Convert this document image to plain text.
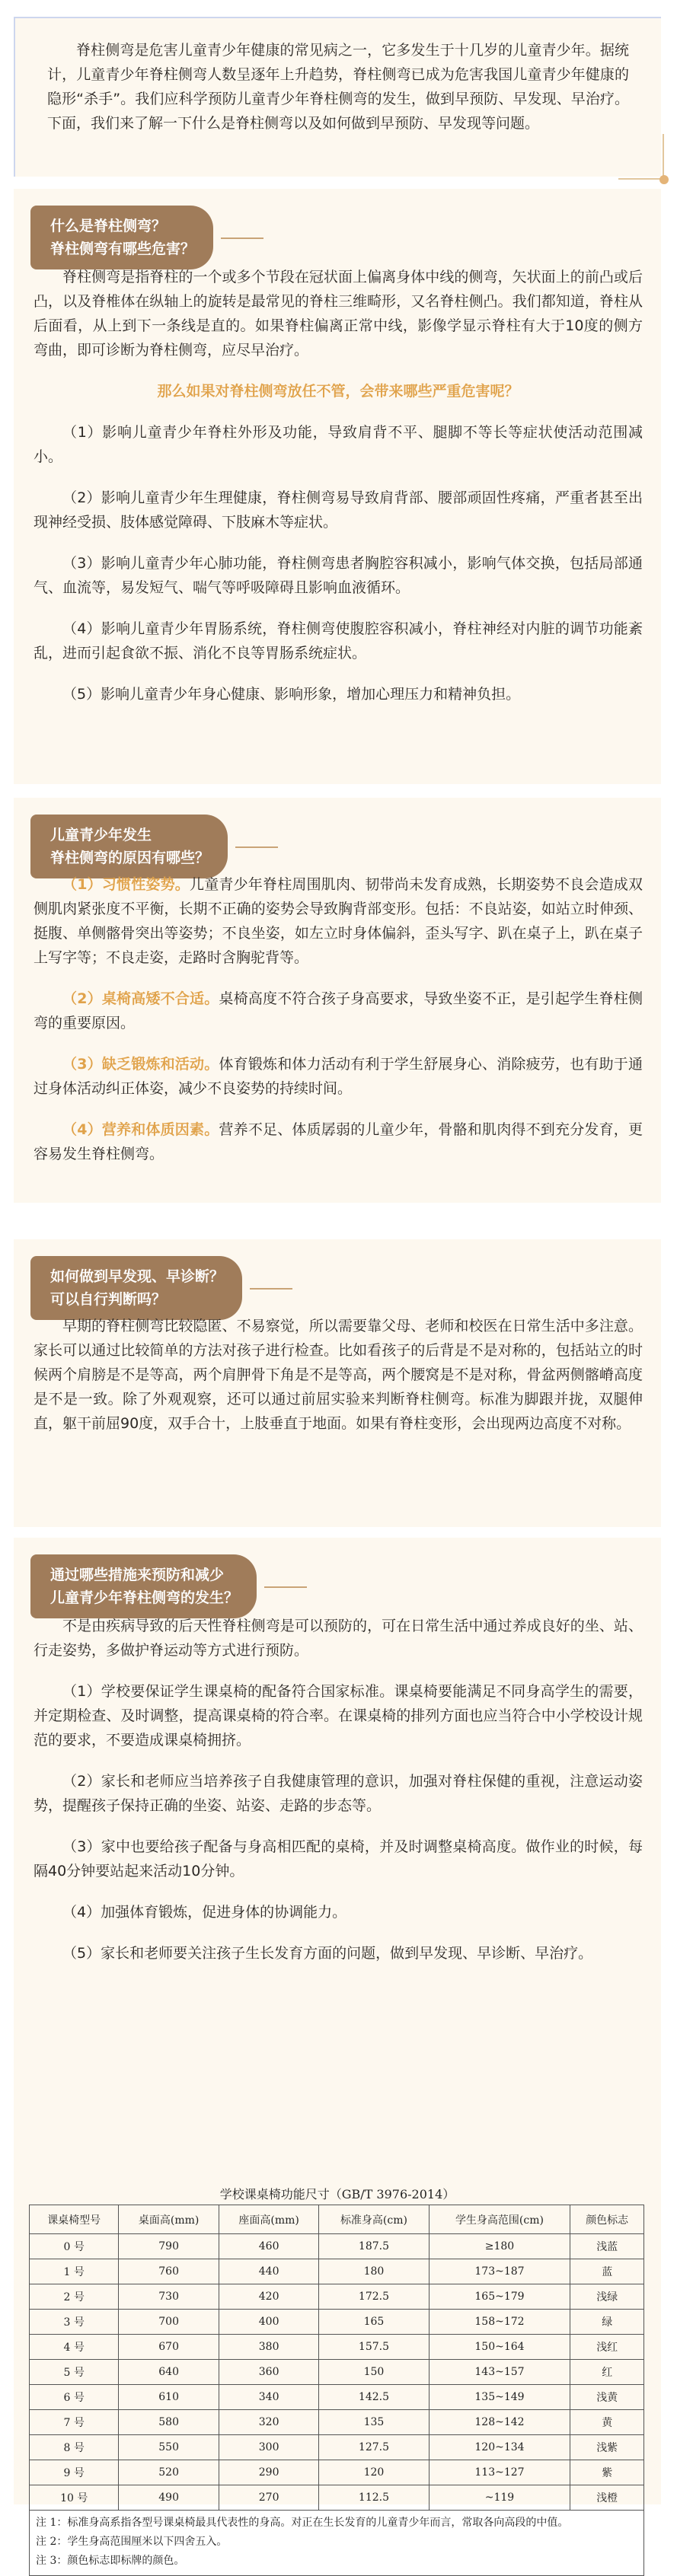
脊柱侧弯是危害儿童青少年健康的常见病之一，它多发生于十几岁的儿童青少年。据统计，儿童青少年脊柱侧弯人数呈逐年上升趋势，脊柱侧弯已成为危害我国儿童青少年健康的隐形“杀手”。我们应科学预防儿童青少年脊柱侧弯的发生，做到早预防、早发现、早治疗。下面，我们来了解一下什么是脊柱侧弯以及如何做到早预防、早发现等问题。

什么是脊柱侧弯？
脊柱侧弯有哪些危害？

脊柱侧弯是指脊柱的一个或多个节段在冠状面上偏离身体中线的侧弯，矢状面上的前凸或后凸，以及脊椎体在纵轴上的旋转是最常见的脊柱三维畸形，又名脊柱侧凸。我们都知道，脊柱从后面看，从上到下一条线是直的。如果脊柱偏离正常中线，影像学显示脊柱有大于10度的侧方弯曲，即可诊断为脊柱侧弯，应尽早治疗。

那么如果对脊柱侧弯放任不管，会带来哪些严重危害呢？

（1）影响儿童青少年脊柱外形及功能，导致肩背不平、腿脚不等长等症状使活动范围减小。

（2）影响儿童青少年生理健康，脊柱侧弯易导致肩背部、腰部顽固性疼痛，严重者甚至出现神经受损、肢体感觉障碍、下肢麻木等症状。

（3）影响儿童青少年心肺功能，脊柱侧弯患者胸腔容积减小，影响气体交换，包括局部通气、血流等，易发短气、喘气等呼吸障碍且影响血液循环。

（4）影响儿童青少年胃肠系统，脊柱侧弯使腹腔容积减小，脊柱神经对内脏的调节功能紊乱，进而引起食欲不振、消化不良等胃肠系统症状。

（5）影响儿童青少年身心健康、影响形象，增加心理压力和精神负担。

儿童青少年发生
脊柱侧弯的原因有哪些？

（1）习惯性姿势。儿童青少年脊柱周围肌肉、韧带尚未发育成熟，长期姿势不良会造成双侧肌肉紧张度不平衡，长期不正确的姿势会导致胸背部变形。包括：不良站姿，如站立时伸颈、挺腹、单侧髂骨突出等姿势；不良坐姿，如左立时身体偏斜，歪头写字、趴在桌子上，趴在桌子上写字等；不良走姿，走路时含胸驼背等。

（2）桌椅高矮不合适。桌椅高度不符合孩子身高要求，导致坐姿不正，是引起学生脊柱侧弯的重要原因。

（3）缺乏锻炼和活动。体育锻炼和体力活动有利于学生舒展身心、消除疲劳，也有助于通过身体活动纠正体姿，减少不良姿势的持续时间。

（4）营养和体质因素。营养不足、体质孱弱的儿童少年，骨骼和肌肉得不到充分发育，更容易发生脊柱侧弯。

如何做到早发现、早诊断？
可以自行判断吗？

早期的脊柱侧弯比较隐匿、不易察觉，所以需要靠父母、老师和校医在日常生活中多注意。家长可以通过比较简单的方法对孩子进行检查。比如看孩子的后背是不是对称的，包括站立的时候两个肩膀是不是等高，两个肩胛骨下角是不是等高，两个腰窝是不是对称，骨盆两侧髂嵴高度是不是一致。除了外观观察，还可以通过前屈实验来判断脊柱侧弯。标准为脚跟并拢，双腿伸直，躯干前屈90度，双手合十，上肢垂直于地面。如果有脊柱变形，会出现两边高度不对称。

通过哪些措施来预防和减少
儿童青少年脊柱侧弯的发生？

不是由疾病导致的后天性脊柱侧弯是可以预防的，可在日常生活中通过养成良好的坐、站、行走姿势，多做护脊运动等方式进行预防。

（1）学校要保证学生课桌椅的配备符合国家标准。课桌椅要能满足不同身高学生的需要，并定期检查、及时调整，提高课桌椅的符合率。在课桌椅的排列方面也应当符合中小学校设计规范的要求，不要造成课桌椅拥挤。

（2）家长和老师应当培养孩子自我健康管理的意识，加强对脊柱保健的重视，注意运动姿势，提醒孩子保持正确的坐姿、站姿、走路的步态等。

（3）家中也要给孩子配备与身高相匹配的桌椅，并及时调整桌椅高度。做作业的时候，每隔40分钟要站起来活动10分钟。

（4）加强体育锻炼，促进身体的协调能力。

（5）家长和老师要关注孩子生长发育方面的问题，做到早发现、早诊断、早治疗。

学校课桌椅功能尺寸（GB/T 3976-2014）
课桌椅型号	桌面高(mm)	座面高(mm)	标准身高(cm)	学生身高范围(cm)	颜色标志
0 号	790	460	187.5	≥180	浅蓝
1 号	760	440	180	173~187	蓝
2 号	730	420	172.5	165~179	浅绿
3 号	700	400	165	158~172	绿
4 号	670	380	157.5	150~164	浅红
5 号	640	360	150	143~157	红
6 号	610	340	142.5	135~149	浅黄
7 号	580	320	135	128~142	黄
8 号	550	300	127.5	120~134	浅紫
9 号	520	290	120	113~127	紫
10 号	490	270	112.5	~119	浅橙
注 1：标准身高系指各型号课桌椅最具代表性的身高。对正在生长发育的儿童青少年而言，常取各向高段的中值。
注 2：学生身高范围厘米以下四舍五入。
注 3：颜色标志即标牌的颜色。
